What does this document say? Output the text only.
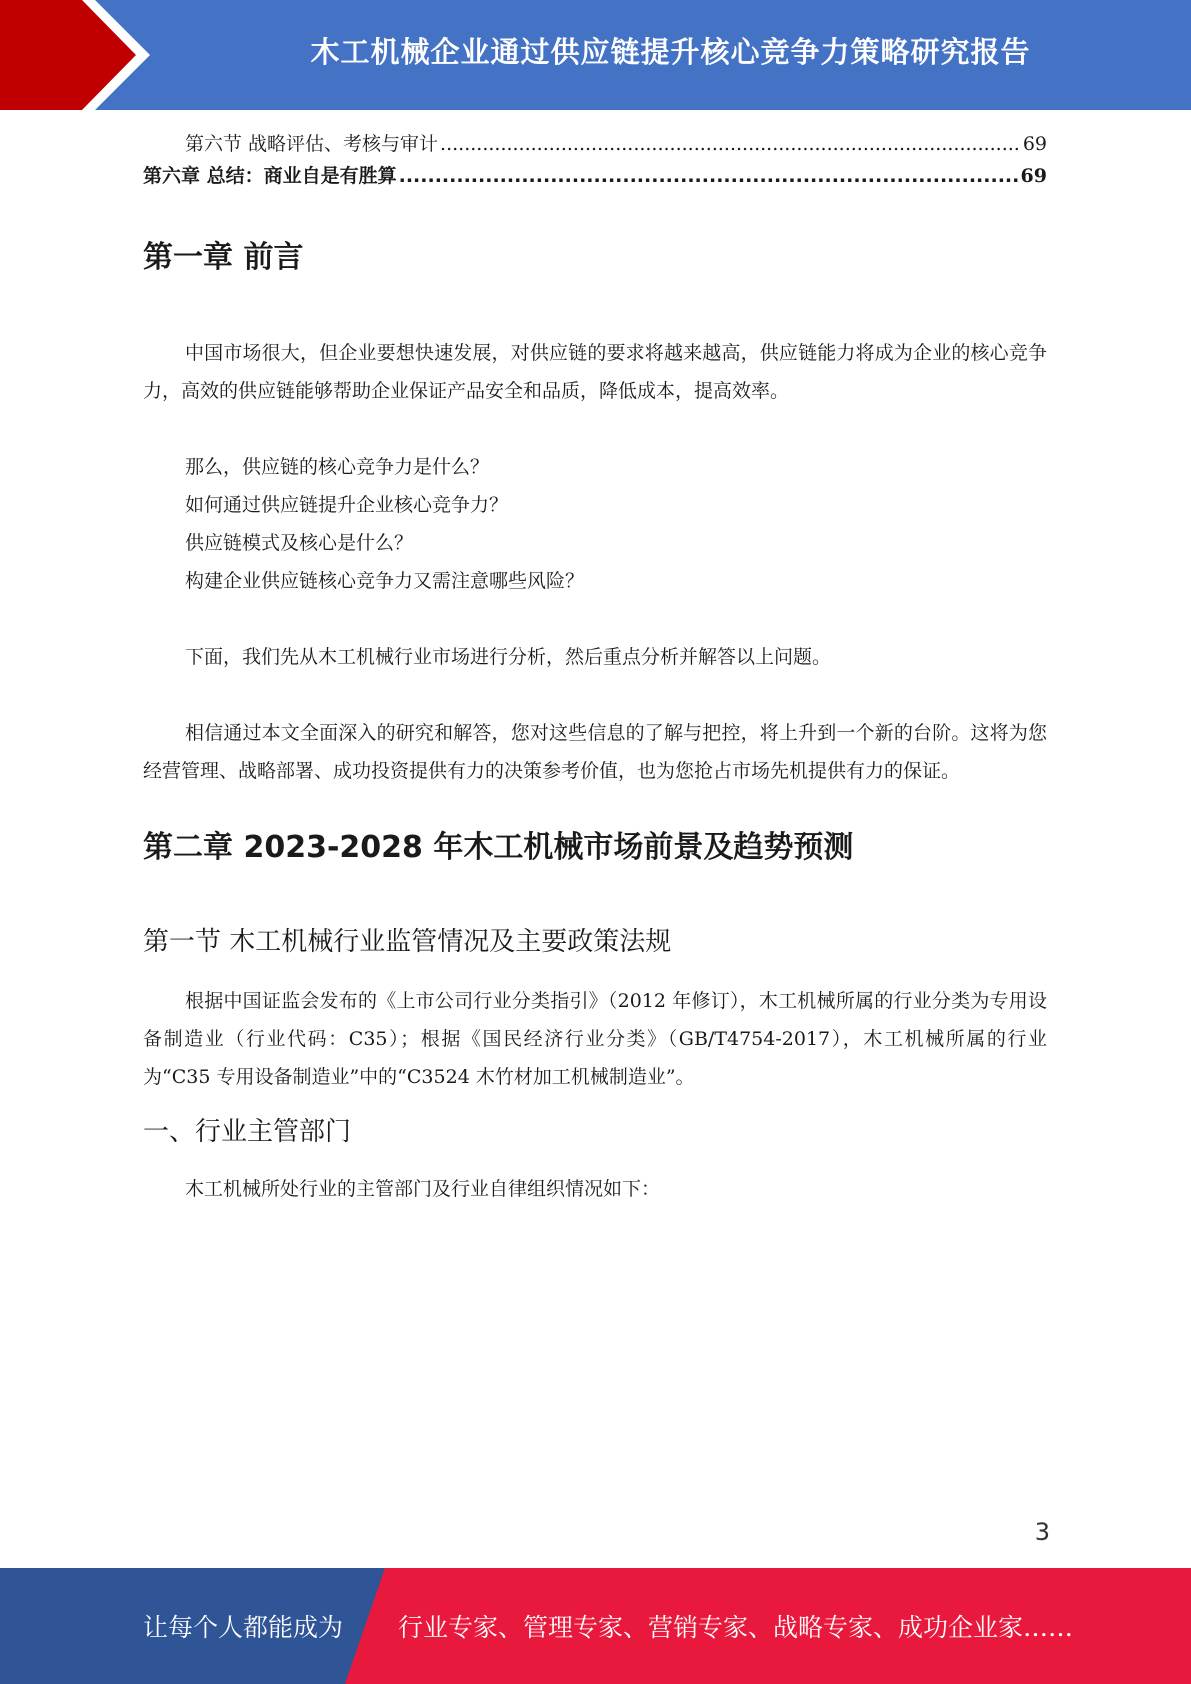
木工机械企业通过供应链提升核心竞争力策略研究报告
第六节 战略评估、考核与审计 .....	69
第六章 总结：商业自是有胜算 .....	69
第一章 前言

中国市场很大，但企业要想快速发展，对供应链的要求将越来越高，供应链能力将成为企业的核心竞争力，高效的供应链能够帮助企业保证产品安全和品质，降低成本，提高效率。

那么，供应链的核心竞争力是什么？

如何通过供应链提升企业核心竞争力？

供应链模式及核心是什么？

构建企业供应链核心竞争力又需注意哪些风险？

下面，我们先从木工机械行业市场进行分析，然后重点分析并解答以上问题。

相信通过本文全面深入的研究和解答，您对这些信息的了解与把控，将上升到一个新的台阶。这将为您经营管理、战略部署、成功投资提供有力的决策参考价值，也为您抢占市场先机提供有力的保证。

第二章 2023-2028 年木工机械市场前景及趋势预测
第一节 木工机械行业监管情况及主要政策法规

根据中国证监会发布的《上市公司行业分类指引》（2012 年修订），木工机械所属的行业分类为专用设备制造业（行业代码：C35）；根据《国民经济行业分类》（GB/T4754-2017），木工机械所属的行业为“C35 专用设备制造业”中的“C3524 木竹材加工机械制造业”。

一、行业主管部门

木工机械所处行业的主管部门及行业自律组织情况如下：

3
让每个人都能成为 行业专家、管理专家、营销专家、战略专家、成功企业家……
